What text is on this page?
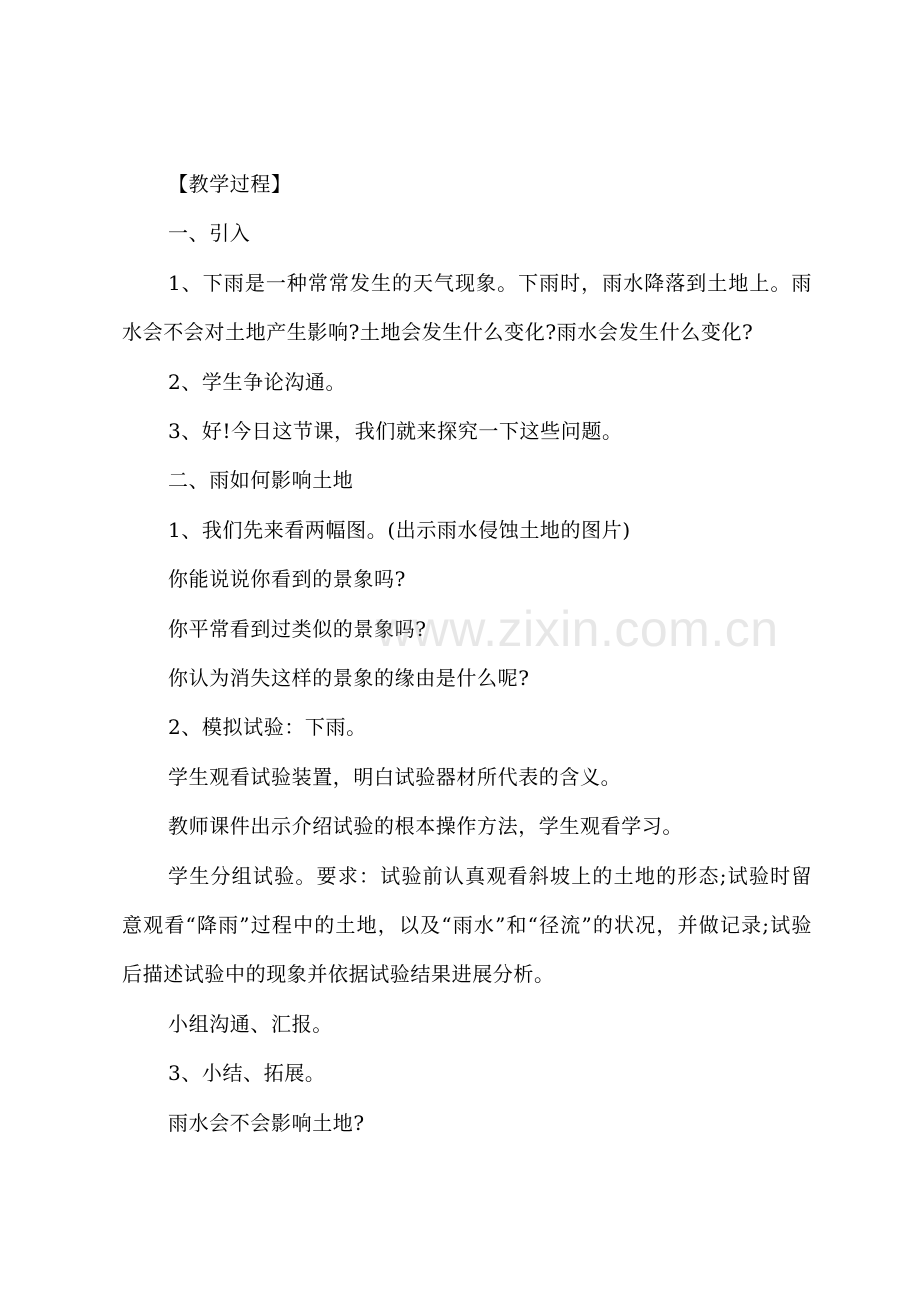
【教学过程】

一、引入

1、下雨是一种常常发生的天气现象。下雨时，雨水降落到土地上。雨水会不会对土地产生影响?土地会发生什么变化?雨水会发生什么变化?

2、学生争论沟通。

3、好!今日这节课，我们就来探究一下这些问题。

二、雨如何影响土地

1、我们先来看两幅图。(出示雨水侵蚀土地的图片)

你能说说你看到的景象吗?

你平常看到过类似的景象吗?

你认为消失这样的景象的缘由是什么呢?

2、模拟试验：下雨。

学生观看试验装置，明白试验器材所代表的含义。

教师课件出示介绍试验的根本操作方法，学生观看学习。

学生分组试验。要求：试验前认真观看斜坡上的土地的形态;试验时留意观看“降雨”过程中的土地，以及“雨水”和“径流”的状况，并做记录;试验后描述试验中的现象并依据试验结果进展分析。

小组沟通、汇报。

3、小结、拓展。

雨水会不会影响土地?

www.zixin.com.cn
